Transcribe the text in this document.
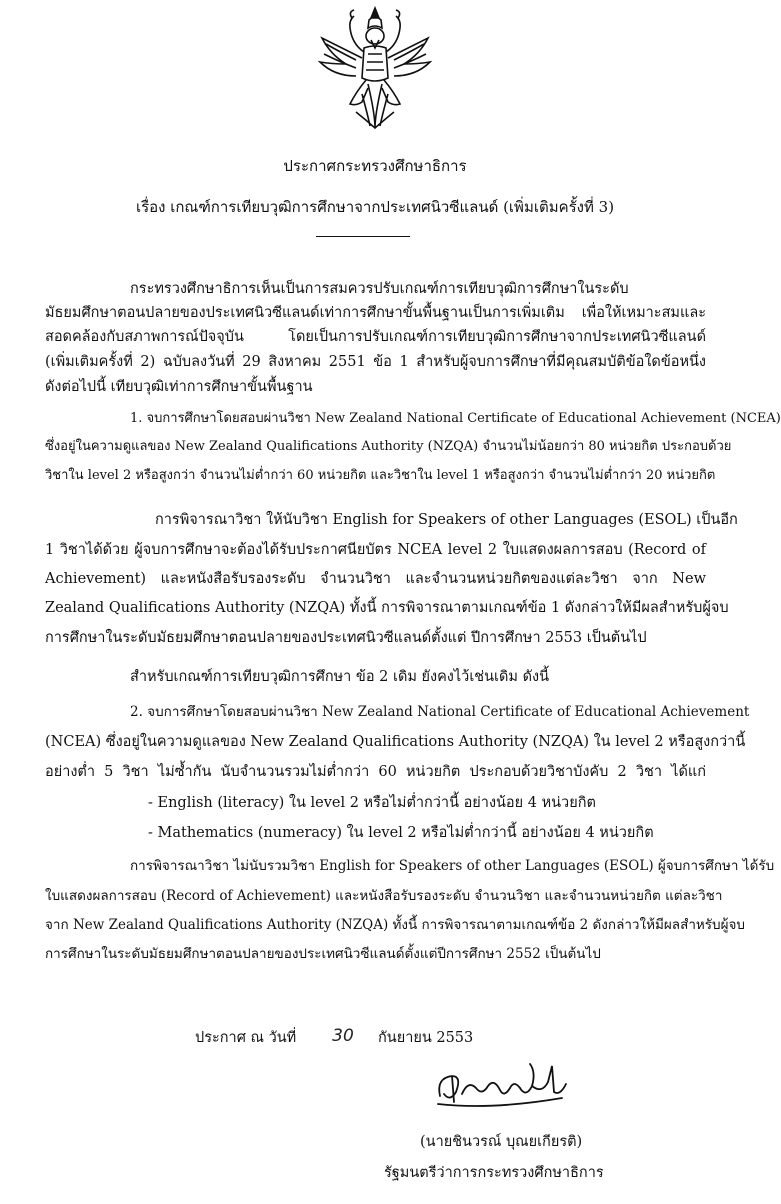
ประกาศกระทรวงศึกษาธิการ
เรื่อง เกณฑ์การเทียบวุฒิการศึกษาจากประเทศนิวซีแลนด์ (เพิ่มเติมครั้งที่ 3)
กระทรวงศึกษาธิการเห็นเป็นการสมควรปรับเกณฑ์การเทียบวุฒิการศึกษาในระดับ
มัธยมศึกษาตอนปลายของประเทศนิวซีแลนด์เท่าการศึกษาขั้นพื้นฐานเป็นการเพิ่มเติม เพื่อให้เหมาะสมและ
สอดคล้องกับสภาพการณ์ปัจจุบัน โดยเป็นการปรับเกณฑ์การเทียบวุฒิการศึกษาจากประเทศนิวซีแลนด์
(เพิ่มเติมครั้งที่ 2) ฉบับลงวันที่ 29 สิงหาคม 2551 ข้อ 1 สำหรับผู้จบการศึกษาที่มีคุณสมบัติข้อใดข้อหนึ่ง
ดังต่อไปนี้ เทียบวุฒิเท่าการศึกษาขั้นพื้นฐาน
1. จบการศึกษาโดยสอบผ่านวิชา New Zealand National Certificate of Educational Achievement (NCEA)
ซึ่งอยู่ในความดูแลของ New Zealand Qualifications Authority (NZQA) จำนวนไม่น้อยกว่า 80 หน่วยกิต ประกอบด้วย
วิชาใน level 2 หรือสูงกว่า จำนวนไม่ต่ำกว่า 60 หน่วยกิต และวิชาใน level 1 หรือสูงกว่า จำนวนไม่ต่ำกว่า 20 หน่วยกิต
การพิจารณาวิชา ให้นับวิชา English for Speakers of other Languages (ESOL) เป็นอีก
1 วิชาได้ด้วย ผู้จบการศึกษาจะต้องได้รับประกาศนียบัตร NCEA level 2 ใบแสดงผลการสอบ (Record of
Achievement) และหนังสือรับรองระดับ จำนวนวิชา และจำนวนหน่วยกิตของแต่ละวิชา จาก New
Zealand Qualifications Authority (NZQA) ทั้งนี้ การพิจารณาตามเกณฑ์ข้อ 1 ดังกล่าวให้มีผลสำหรับผู้จบ
การศึกษาในระดับมัธยมศึกษาตอนปลายของประเทศนิวซีแลนด์ตั้งแต่ ปีการศึกษา 2553 เป็นต้นไป
สำหรับเกณฑ์การเทียบวุฒิการศึกษา ข้อ 2 เดิม ยังคงไว้เช่นเดิม ดังนี้
2. จบการศึกษาโดยสอบผ่านวิชา New Zealand National Certificate of Educational Achievement
(NCEA) ซึ่งอยู่ในความดูแลของ New Zealand Qualifications Authority (NZQA) ใน level 2 หรือสูงกว่านี้
อย่างต่ำ 5 วิชา ไม่ซ้ำกัน นับจำนวนรวมไม่ต่ำกว่า 60 หน่วยกิต ประกอบด้วยวิชาบังคับ 2 วิชา ได้แก่
- English (literacy) ใน level 2 หรือไม่ต่ำกว่านี้ อย่างน้อย 4 หน่วยกิต
- Mathematics (numeracy) ใน level 2 หรือไม่ต่ำกว่านี้ อย่างน้อย 4 หน่วยกิต
การพิจารณาวิชา ไม่นับรวมวิชา English for Speakers of other Languages (ESOL) ผู้จบการศึกษา ได้รับ
ใบแสดงผลการสอบ (Record of Achievement) และหนังสือรับรองระดับ จำนวนวิชา และจำนวนหน่วยกิต แต่ละวิชา
จาก New Zealand Qualifications Authority (NZQA) ทั้งนี้ การพิจารณาตามเกณฑ์ข้อ 2 ดังกล่าวให้มีผลสำหรับผู้จบ
การศึกษาในระดับมัธยมศึกษาตอนปลายของประเทศนิวซีแลนด์ตั้งแต่ปีการศึกษา 2552 เป็นต้นไป
ประกาศ ณ วันที่	30 กันยายน 2553
(นายชินวรณ์ บุณยเกียรติ)
รัฐมนตรีว่าการกระทรวงศึกษาธิการ
